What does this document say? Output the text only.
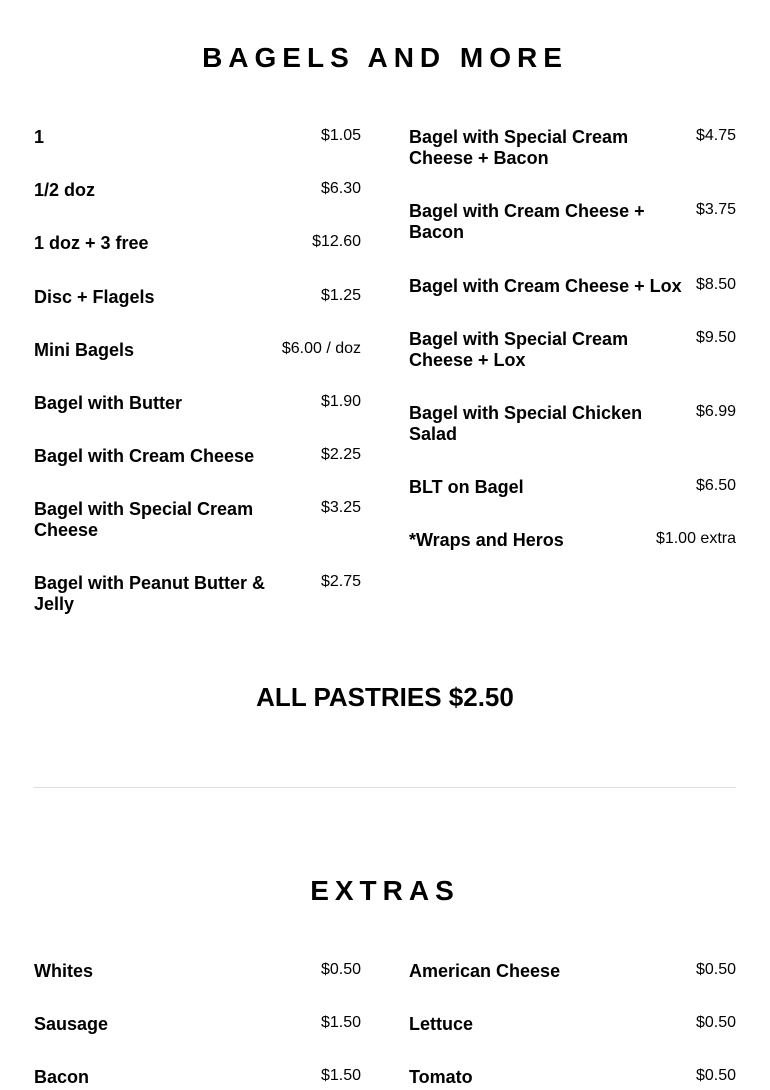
BAGELS AND MORE
1	$1.05
1/2 doz	$6.30
1 doz + 3 free	$12.60
Disc + Flagels	$1.25
Mini Bagels	$6.00 / doz
Bagel with Butter	$1.90
Bagel with Cream Cheese	$2.25
Bagel with Special Cream Cheese
$3.25
Bagel with Peanut Butter & Jelly
$2.75
Bagel with Special Cream Cheese + Bacon
$4.75
Bagel with Cream Cheese + Bacon
$3.75
Bagel with Cream Cheese + Lox $8.50
Bagel with Special Cream Cheese + Lox
$9.50
Bagel with Special Chicken Salad
$6.99
BLT on Bagel	$6.50
*Wraps and Heros	$1.00 extra

ALL PASTRIES $2.50

EXTRAS
Whites	$0.50
Sausage	$1.50
Bacon	$1.50
American Cheese	$0.50
Lettuce	$0.50
Tomato	$0.50
